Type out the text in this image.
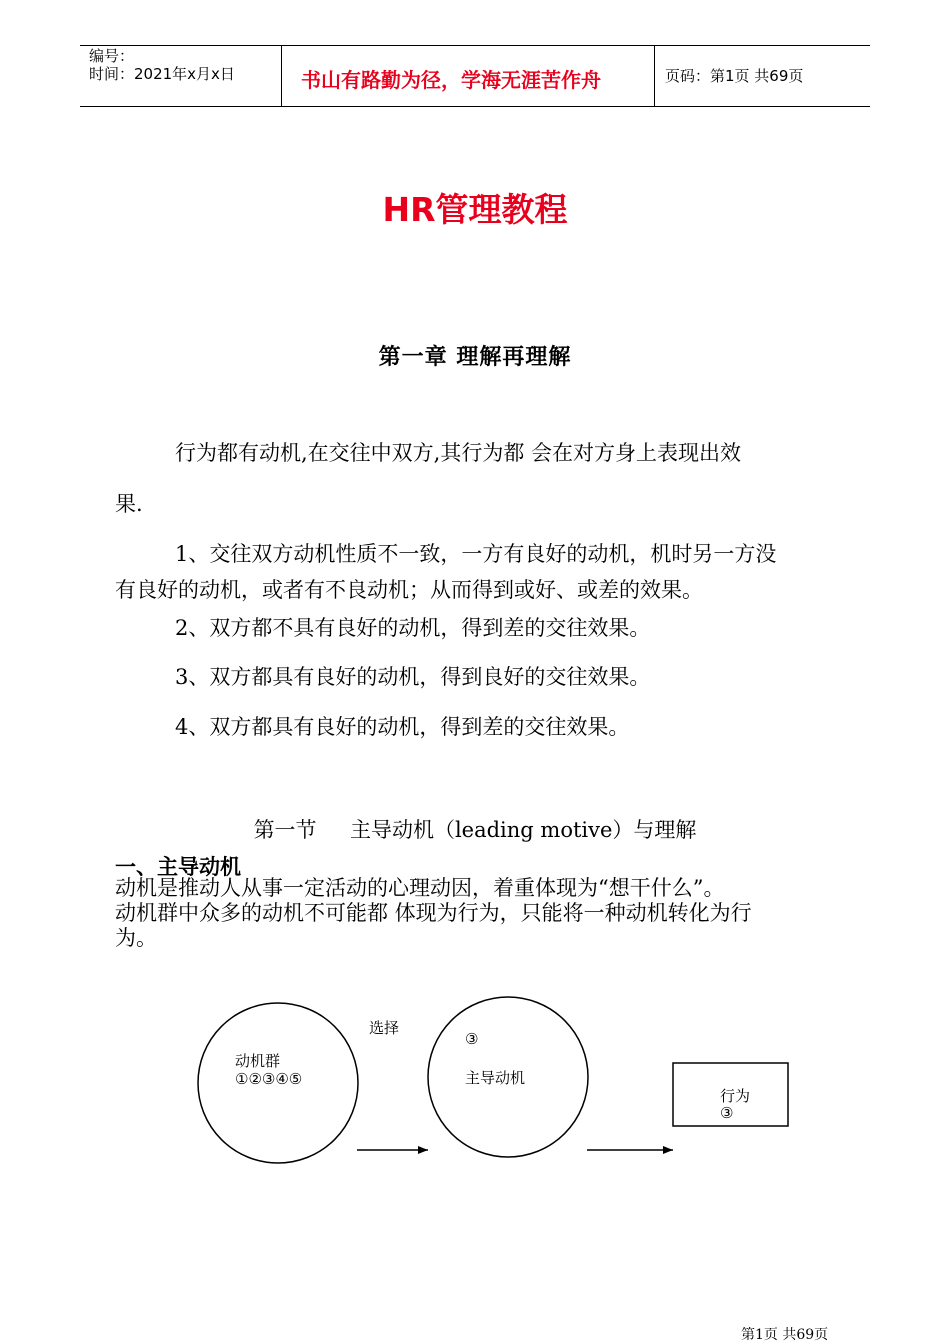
编号：
时间：2021年x月x日	书山有路勤为径，学海无涯苦作舟	页码：第1页 共69页
HR管理教程
第一章 理解再理解
行为都有动机,在交往中双方,其行为都 会在对方身上表现出效
果.
1、交往双方动机性质不一致，一方有良好的动机，机时另一方没
有良好的动机，或者有不良动机；从而得到或好、或差的效果。
2、双方都不具有良好的动机，得到差的交往效果。
3、双方都具有良好的动机，得到良好的交往效果。
4、双方都具有良好的动机，得到差的交往效果。
第一节     主导动机（leading motive）与理解
一、主导动机
动机是推动人从事一定活动的心理动因，着重体现为“想干什么”。
动机群中众多的动机不可能都 体现为行为，只能将一种动机转化为行
为。
动机群
①②③④⑤
选择
③
主导动机
行为
③
第1页 共69页
